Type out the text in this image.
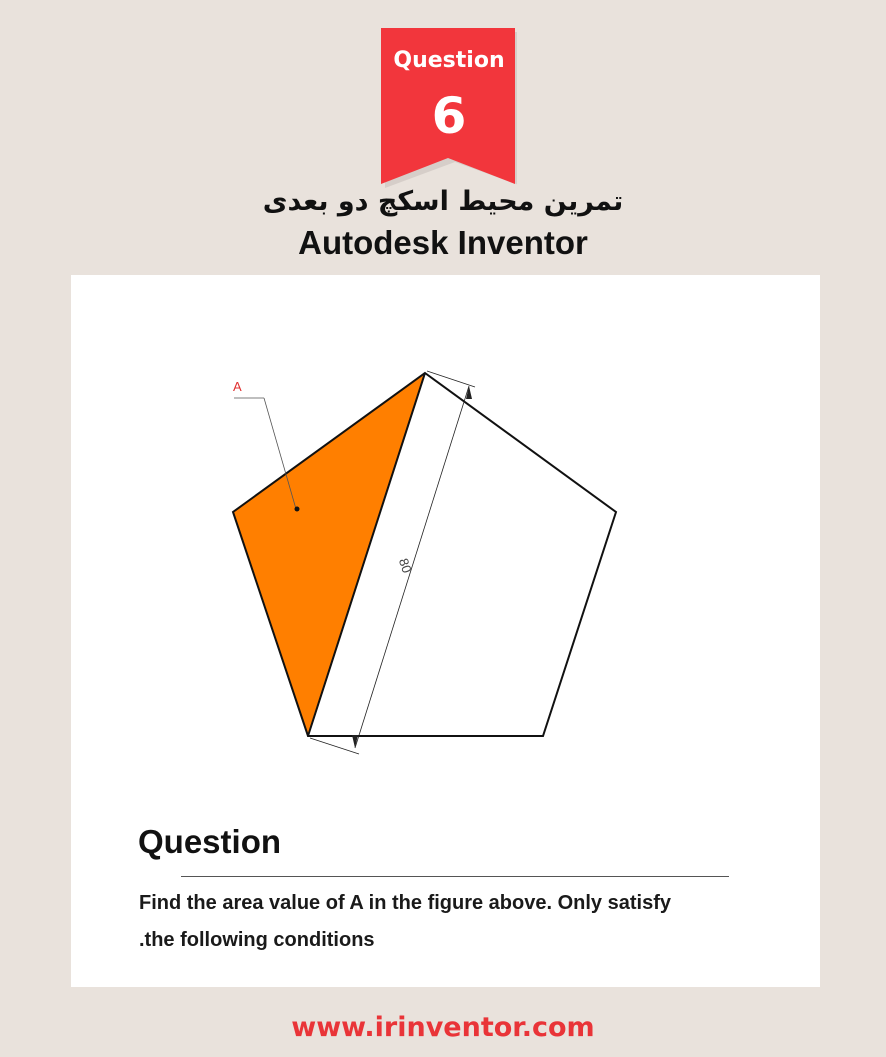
Question
6
تمرین محیط اسکچ دو بعدی
Autodesk Inventor
80
A
Question
Find the area value of A in the figure above. Only satisfy
.the following conditions
www.irinventor.com
